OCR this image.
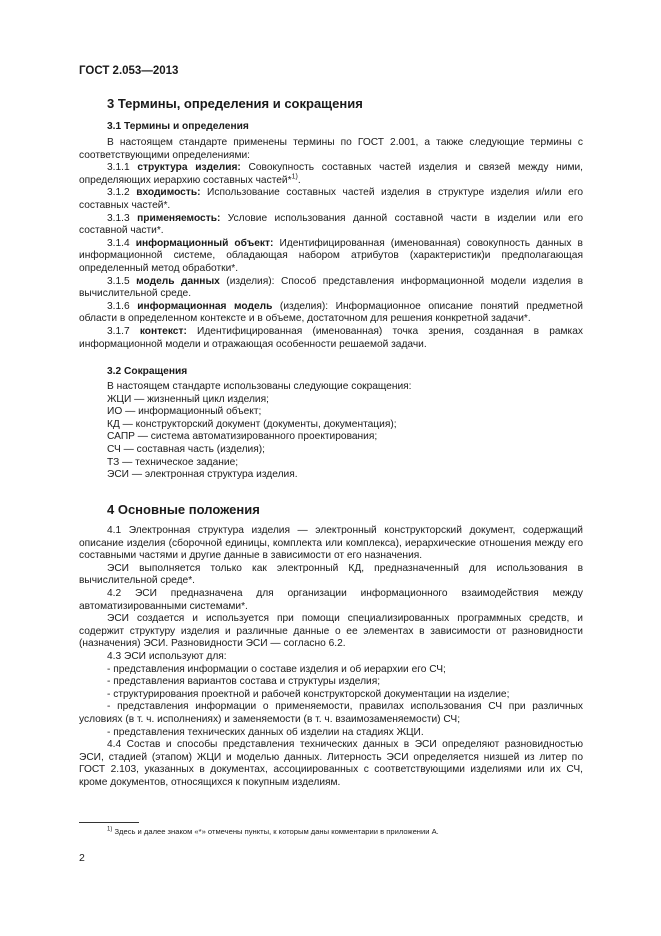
ГОСТ 2.053—2013
3 Термины, определения и сокращения
3.1 Термины и определения

В настоящем стандарте применены термины по ГОСТ 2.001, а также следующие термины с соответствующими определениями:

3.1.1 структура изделия: Совокупность составных частей изделия и связей между ними, определяющих иерархию составных частей*$^{1)}$.

3.1.2 входимость: Использование составных частей изделия в структуре изделия и/или его составных частей*.

3.1.3 применяемость: Условие использования данной составной части в изделии или его составной части*.

3.1.4 информационный объект: Идентифицированная (именованная) совокупность данных в информационной системе, обладающая набором атрибутов (характеристик)и предполагающая определенный метод обработки*.

3.1.5 модель данных (изделия): Способ представления информационной модели изделия в вычислительной среде.

3.1.6 информационная модель (изделия): Информационное описание понятий предметной области в определенном контексте и в объеме, достаточном для решения конкретной задачи*.

3.1.7 контекст: Идентифицированная (именованная) точка зрения, созданная в рамках информационной модели и отражающая особенности решаемой задачи.

3.2 Сокращения

В настоящем стандарте использованы следующие сокращения:

ЖЦИ — жизненный цикл изделия;

ИО — информационный объект;

КД — конструкторский документ (документы, документация);

САПР — система автоматизированного проектирования;

СЧ — составная часть (изделия);

ТЗ — техническое задание;

ЭСИ — электронная структура изделия.

4 Основные положения

4.1 Электронная структура изделия — электронный конструкторский документ, содержащий описание изделия (сборочной единицы, комплекта или комплекса), иерархические отношения между его составными частями и другие данные в зависимости от его назначения.

ЭСИ выполняется только как электронный КД, предназначенный для использования в вычислительной среде*.

4.2 ЭСИ предназначена для организации информационного взаимодействия между автоматизированными системами*.

ЭСИ создается и используется при помощи специализированных программных средств, и содержит структуру изделия и различные данные о ее элементах в зависимости от разновидности (назначения) ЭСИ. Разновидности ЭСИ — согласно 6.2.

4.3 ЭСИ используют для:

- представления информации о составе изделия и об иерархии его СЧ;

- представления вариантов состава и структуры изделия;

- структурирования проектной и рабочей конструкторской документации на изделие;

- представления информации о применяемости, правилах использования СЧ при различных условиях (в т. ч. исполнениях) и заменяемости (в т. ч. взаимозаменяемости) СЧ;

- представления технических данных об изделии на стадиях ЖЦИ.

4.4 Состав и способы представления технических данных в ЭСИ определяют разновидностью ЭСИ, стадией (этапом) ЖЦИ и моделью данных. Литерность ЭСИ определяется низшей из литер по ГОСТ 2.103, указанных в документах, ассоциированных с соответствующими изделиями или их СЧ, кроме документов, относящихся к покупным изделиям.

$^{1)}$ Здесь и далее знаком «*» отмечены пункты, к которым даны комментарии в приложении А.
2
